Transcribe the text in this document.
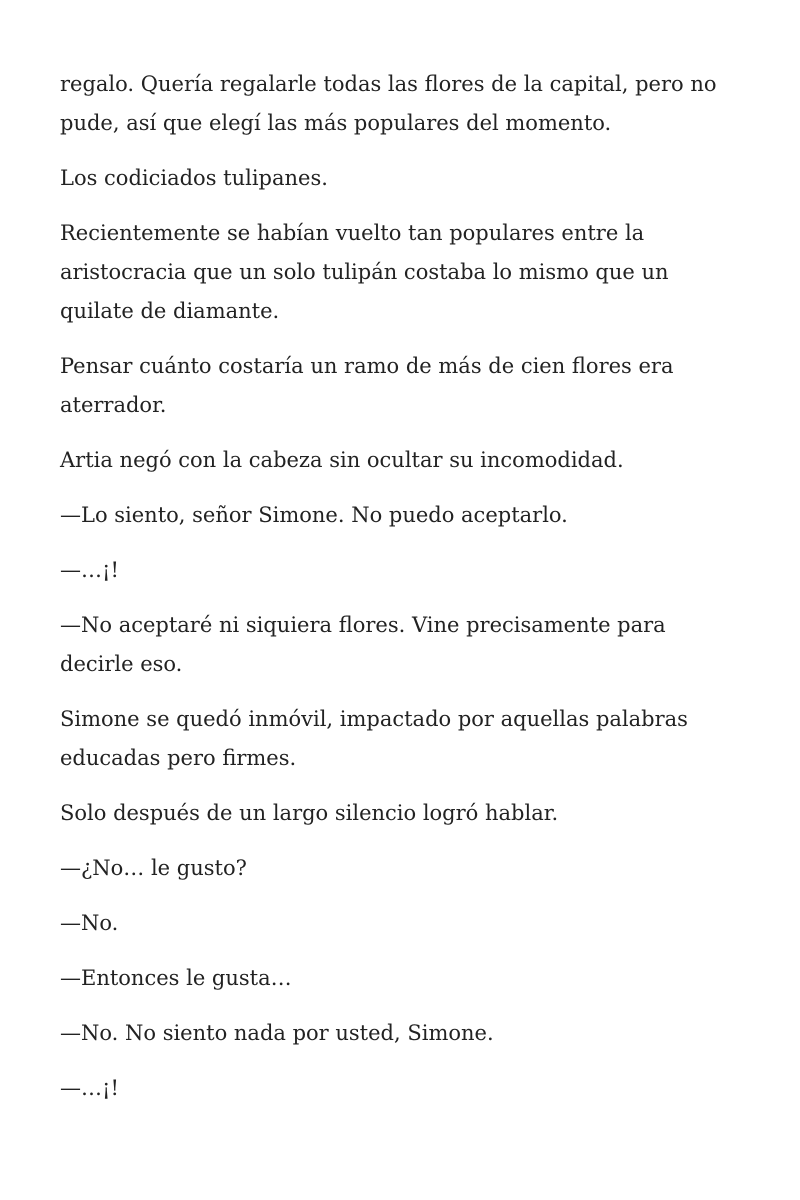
regalo. Quería regalarle todas las flores de la capital, pero no pude, así que elegí las más populares del momento.

Los codiciados tulipanes.

Recientemente se habían vuelto tan populares entre la aristocracia que un solo tulipán costaba lo mismo que un quilate de diamante.

Pensar cuánto costaría un ramo de más de cien flores era aterrador.

Artia negó con la cabeza sin ocultar su incomodidad.

—Lo siento, señor Simone. No puedo aceptarlo.

—…¡!

—No aceptaré ni siquiera flores. Vine precisamente para decirle eso.

Simone se quedó inmóvil, impactado por aquellas palabras educadas pero firmes.

Solo después de un largo silencio logró hablar.

—¿No… le gusto?

—No.

—Entonces le gusta…

—No. No siento nada por usted, Simone.

—…¡!
